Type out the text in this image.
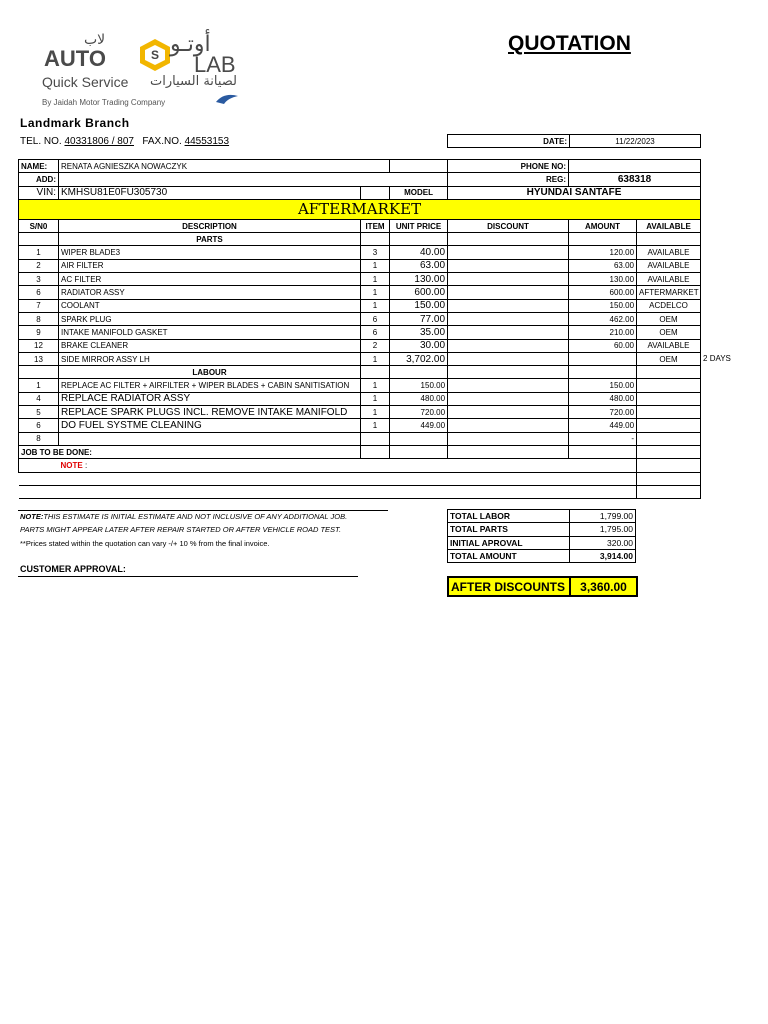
لاب
AUTO	S أوتـو
LAB
Quick Service لصيانة السيارات
By Jaidah Motor Trading Company
QUOTATION
Landmark Branch
TEL. NO. 40331806 / 807 FAX.NO. 44553153	DATE:	11/22/2023
NAME:	RENATA AGNIESZKA NOWACZYK			PHONE NO:		
ADD:				REG:	638318	
VIN:	KMHSU81E0FU305730		MODEL	HYUNDAI SANTAFE		
AFTERMARKET						
S/N0	DESCRIPTION	ITEM	UNIT PRICE	DISCOUNT	AMOUNT	AVAILABLE
	PARTS					
1	WIPER BLADE3	3	40.00		120.00	AVAILABLE
2	AIR FILTER	1	63.00		63.00	AVAILABLE
3	AC FILTER	1	130.00		130.00	AVAILABLE
6	RADIATOR ASSY	1	600.00		600.00	AFTERMARKET
7	COOLANT	1	150.00		150.00	ACDELCO
8	SPARK PLUG	6	77.00		462.00	OEM
9	INTAKE MANIFOLD GASKET	6	35.00		210.00	OEM
12	BRAKE CLEANER	2	30.00		60.00	AVAILABLE
13	SIDE MIRROR ASSY LH	1	3,702.00			OEM 2 DAYS

	LABOUR					
1	REPLACE AC FILTER + AIRFILTER + WIPER BLADES + CABIN SANITISATION	1	150.00		150.00	
4	REPLACE RADIATOR ASSY	1	480.00		480.00	
5	REPLACE SPARK PLUGS INCL. REMOVE INTAKE MANIFOLD	1	720.00		720.00	
6	DO FUEL SYSTME CLEANING	1	449.00		449.00	
8					-	
JOB TO BE DONE:						
	NOTE :					

NOTE:THIS ESTIMATE IS INITIAL ESTIMATE AND NOT INCLUSIVE OF ANY ADDITIONAL JOB.
PARTS MIGHT APPEAR LATER AFTER REPAIR STARTED OR AFTER VEHICLE ROAD TEST.
**Prices stated within the quotation can vary -/+ 10 % from the final invoice.
CUSTOMER APPROVAL:
TOTAL LABOR	1,799.00
TOTAL PARTS	1,795.00
INITIAL APROVAL	320.00
TOTAL AMOUNT	3,914.00
AFTER DISCOUNTS	3,360.00
